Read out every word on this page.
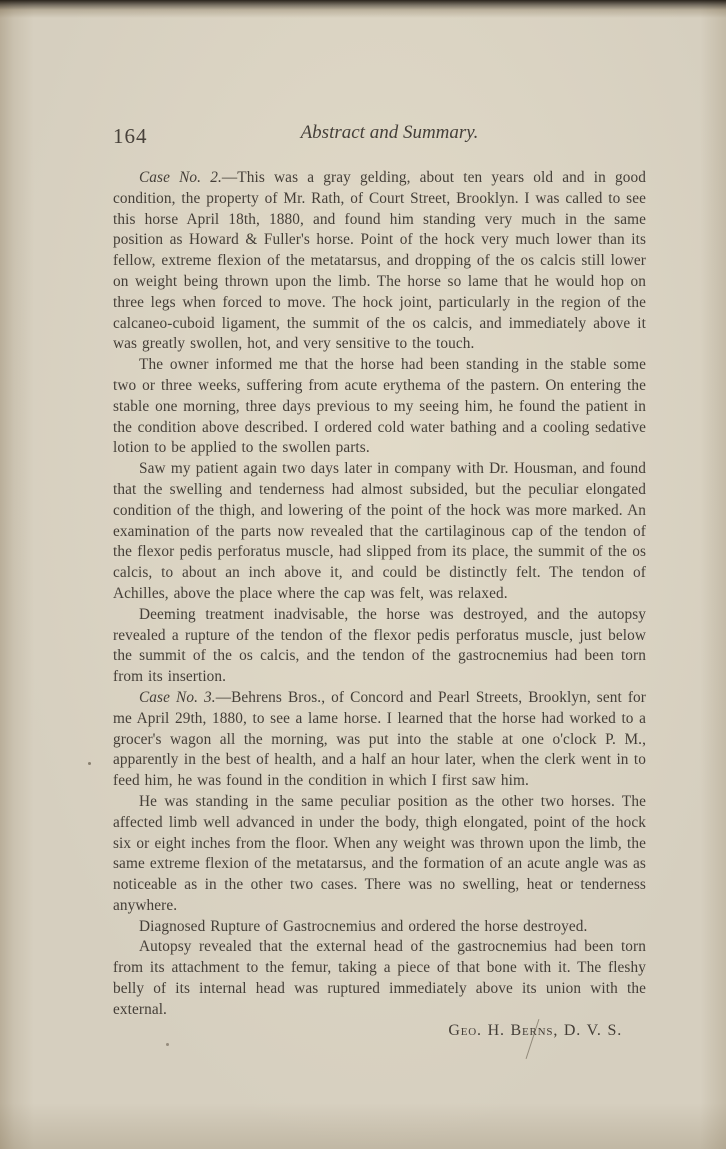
164	Abstract and Summary.

Case No. 2.—This was a gray gelding, about ten years old and in good condition, the property of Mr. Rath, of Court Street, Brooklyn. I was called to see this horse April 18th, 1880, and found him standing very much in the same position as Howard & Fuller's horse. Point of the hock very much lower than its fellow, extreme flexion of the metatarsus, and dropping of the os calcis still lower on weight being thrown upon the limb. The horse so lame that he would hop on three legs when forced to move. The hock joint, particularly in the region of the calcaneo-cuboid ligament, the summit of the os calcis, and immediately above it was greatly swollen, hot, and very sensitive to the touch.

The owner informed me that the horse had been standing in the stable some two or three weeks, suffering from acute erythema of the pastern. On entering the stable one morning, three days previous to my seeing him, he found the patient in the condition above described. I ordered cold water bathing and a cooling sedative lotion to be applied to the swollen parts.

Saw my patient again two days later in company with Dr. Housman, and found that the swelling and tenderness had almost subsided, but the peculiar elongated condition of the thigh, and lowering of the point of the hock was more marked. An examination of the parts now revealed that the cartilaginous cap of the tendon of the flexor pedis perforatus muscle, had slipped from its place, the summit of the os calcis, to about an inch above it, and could be distinctly felt. The tendon of Achilles, above the place where the cap was felt, was relaxed.

Deeming treatment inadvisable, the horse was destroyed, and the autopsy revealed a rupture of the tendon of the flexor pedis perforatus muscle, just below the summit of the os calcis, and the tendon of the gastrocnemius had been torn from its insertion.

Case No. 3.—Behrens Bros., of Concord and Pearl Streets, Brooklyn, sent for me April 29th, 1880, to see a lame horse. I learned that the horse had worked to a grocer's wagon all the morning, was put into the stable at one o'clock P. M., apparently in the best of health, and a half an hour later, when the clerk went in to feed him, he was found in the condition in which I first saw him.

He was standing in the same peculiar position as the other two horses. The affected limb well advanced in under the body, thigh elongated, point of the hock six or eight inches from the floor. When any weight was thrown upon the limb, the same extreme flexion of the metatarsus, and the formation of an acute angle was as noticeable as in the other two cases. There was no swelling, heat or tenderness anywhere.

Diagnosed Rupture of Gastrocnemius and ordered the horse destroyed.

Autopsy revealed that the external head of the gastrocnemius had been torn from its attachment to the femur, taking a piece of that bone with it. The fleshy belly of its internal head was ruptured immediately above its union with the external.

Geo. H. Berns, D. V. S.
